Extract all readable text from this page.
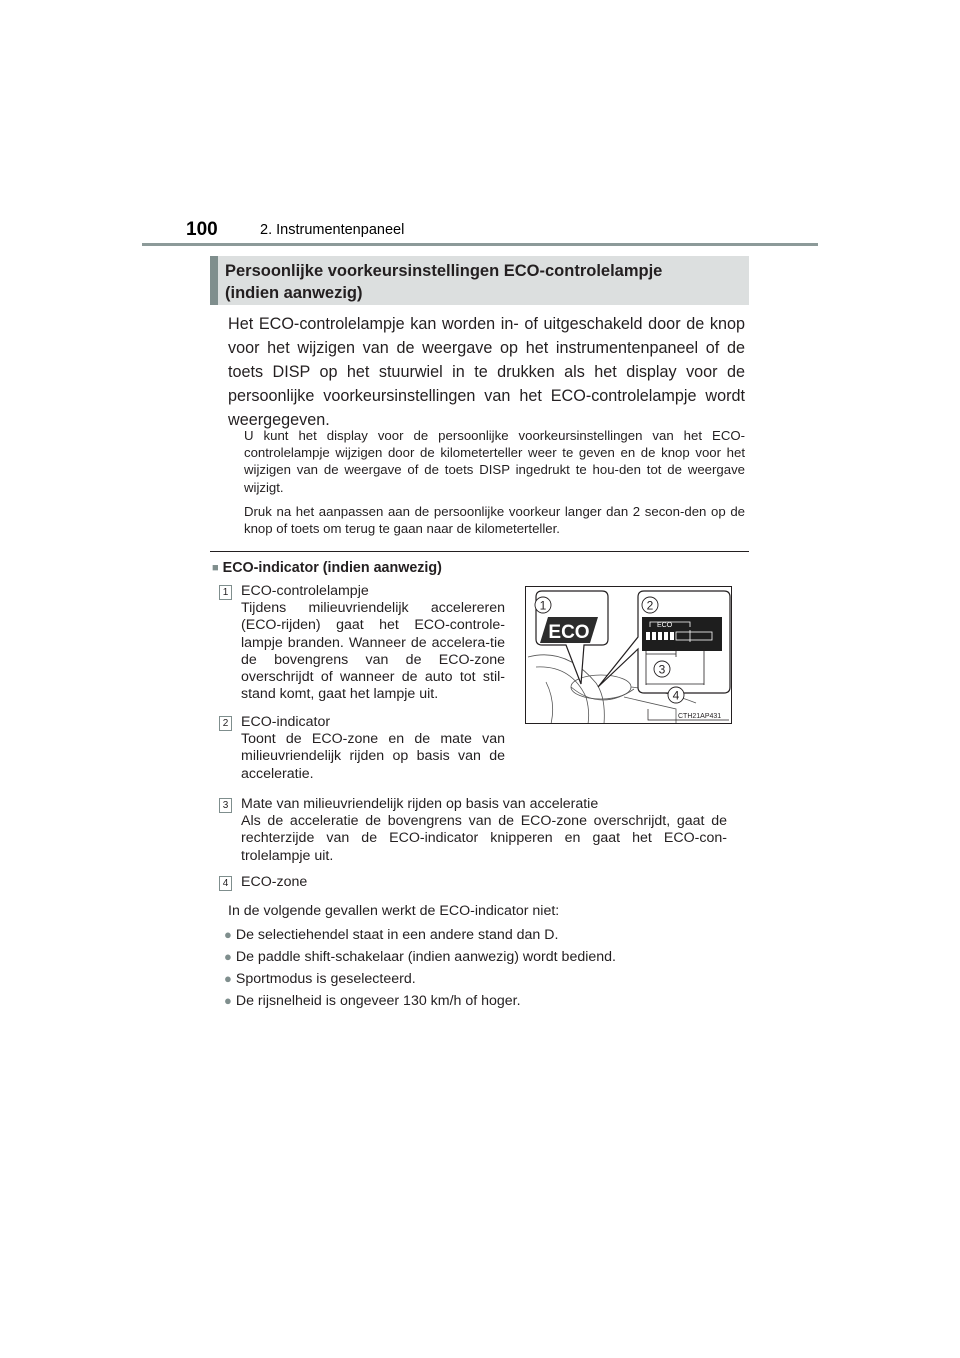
100	2. Instrumentenpaneel
Persoonlijke voorkeursinstellingen ECO-controlelampje
(indien aanwezig)

Het ECO-controlelampje kan worden in- of uitgeschakeld door de knop voor het wijzigen van de weergave op het instrumentenpaneel of de toets DISP op het stuurwiel in te drukken als het display voor de persoonlijke voorkeursinstellingen van het ECO-controlelampje wordt weergegeven.

U kunt het display voor de persoonlijke voorkeursinstellingen van het ECO-controlelampje wijzigen door de kilometerteller weer te geven en de knop voor het wijzigen van de weergave of de toets DISP ingedrukt te hou-den tot de weergave wijzigt.

Druk na het aanpassen aan de persoonlijke voorkeur langer dan 2 secon-den op de knop of toets om terug te gaan naar de kilometerteller.

■ ECO-indicator (indien aanwezig)
1 ECO-controlelampje
Tijdens milieuvriendelijk accelereren (ECO-rijden) gaat het ECO-controle-lampje branden. Wanneer de accelera-tie de bovengrens van de ECO-zone overschrijdt of wanneer de auto tot stil-stand komt, gaat het lampje uit.
2 ECO-indicator
Toont de ECO-zone en de mate van milieuvriendelijk rijden op basis van de acceleratie.
3 Mate van milieuvriendelijk rijden op basis van acceleratie
Als de acceleratie de bovengrens van de ECO-zone overschrijdt, gaat de rechterzijde van de ECO-indicator knipperen en gaat het ECO-con-trolelampje uit.
4 ECO-zone
In de volgende gevallen werkt de ECO-indicator niet:
● De selectiehendel staat in een andere stand dan D.
● De paddle shift-schakelaar (indien aanwezig) wordt bediend.
● Sportmodus is geselecteerd.
● De rijsnelheid is ongeveer 130 km/h of hoger.
ECO
1	2
ECO
3
4
CTH21AP431
